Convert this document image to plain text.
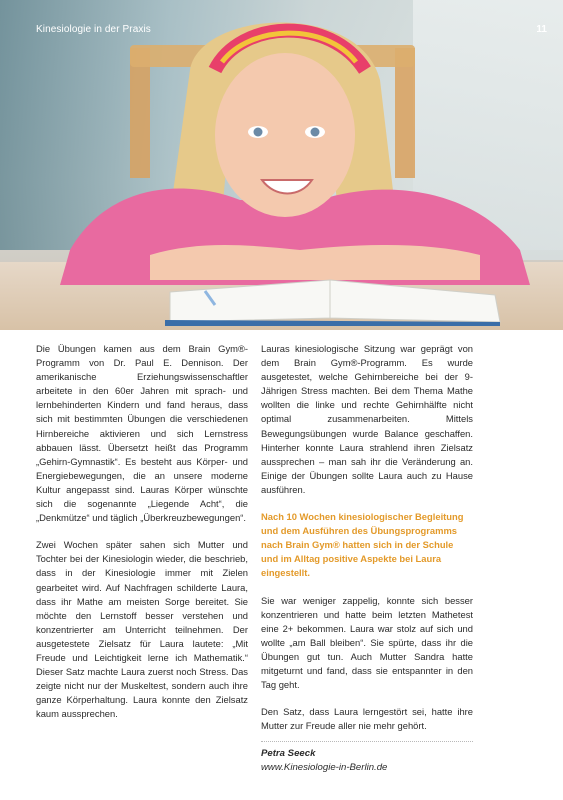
Kinesiologie in der Praxis	11

Die Übungen kamen aus dem Brain Gym®-Programm von Dr. Paul E. Dennison. Der amerikanische Erziehungswissenschaftler arbeitete in den 60er Jahren mit sprach- und lernbehinderten Kindern und fand heraus, dass sich mit bestimmten Übungen die verschiedenen Hirnbereiche aktivieren und sich Lernstress abbauen lässt. Übersetzt heißt das Programm „Gehirn-Gymnastik“. Es besteht aus Körper- und Energiebewegungen, die an unsere moderne Kultur angepasst sind. Lauras Körper wünschte sich die sogenannte „Liegende Acht“, die „Denkmütze“ und täglich „Überkreuzbewegungen“.

Zwei Wochen später sahen sich Mutter und Tochter bei der Kinesiologin wieder, die beschrieb, dass in der Kinesiologie immer mit Zielen gearbeitet wird. Auf Nachfragen schilderte Laura, dass ihr Mathe am meisten Sorge bereitet. Sie möchte den Lernstoff besser verstehen und konzentrierter am Unterricht teilnehmen. Der ausgetestete Zielsatz für Laura lautete: „Mit Freude und Leichtigkeit lerne ich Mathematik.“ Dieser Satz machte Laura zuerst noch Stress. Das zeigte nicht nur der Muskeltest, sondern auch ihre ganze Körperhaltung. Laura konnte den Zielsatz kaum aussprechen.

Lauras kinesiologische Sitzung war geprägt von dem Brain Gym®-Programm. Es wurde ausgetestet, welche Gehirnbereiche bei der 9-Jährigen Stress machten. Bei dem Thema Mathe wollten die linke und rechte Gehirnhälfte nicht optimal zusammenarbeiten. Mittels Bewegungsübungen wurde Balance geschaffen. Hinterher konnte Laura strahlend ihren Zielsatz aussprechen – man sah ihr die Veränderung an. Einige der Übungen sollte Laura auch zu Hause ausführen.

Nach 10 Wochen kinesiologischer Begleitung und dem Ausführen des Übungsprogramms nach Brain Gym® hatten sich in der Schule und im Alltag positive Aspekte bei Laura eingestellt.

Sie war weniger zappelig, konnte sich besser konzentrieren und hatte beim letzten Mathetest eine 2+ bekommen. Laura war stolz auf sich und wollte „am Ball bleiben“. Sie spürte, dass ihr die Übungen gut tun. Auch Mutter Sandra hatte mitgeturnt und fand, dass sie entspannter in den Tag geht.

Den Satz, dass Laura lerngestört sei, hatte ihre Mutter zur Freude aller nie mehr gehört.

Petra Seeck
www.Kinesiologie-in-Berlin.de
